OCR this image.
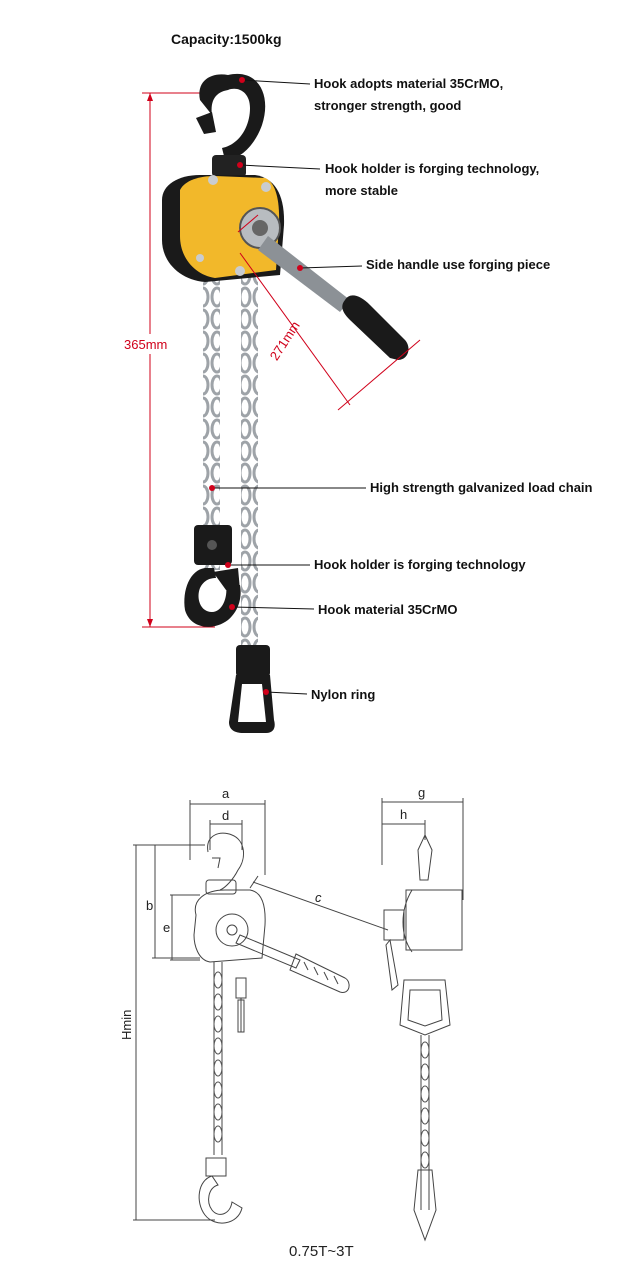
Capacity:1500kg
Hook adopts material 35CrMO,
stronger strength, good
Hook holder is forging technology,
more stable
Side handle use forging piece
High strength galvanized load chain
Hook holder is forging technology
Hook material 35CrMO
Nylon ring
365mm	271mm
a
d
b
e
c
g
h
Hmin
0.75T~3T
